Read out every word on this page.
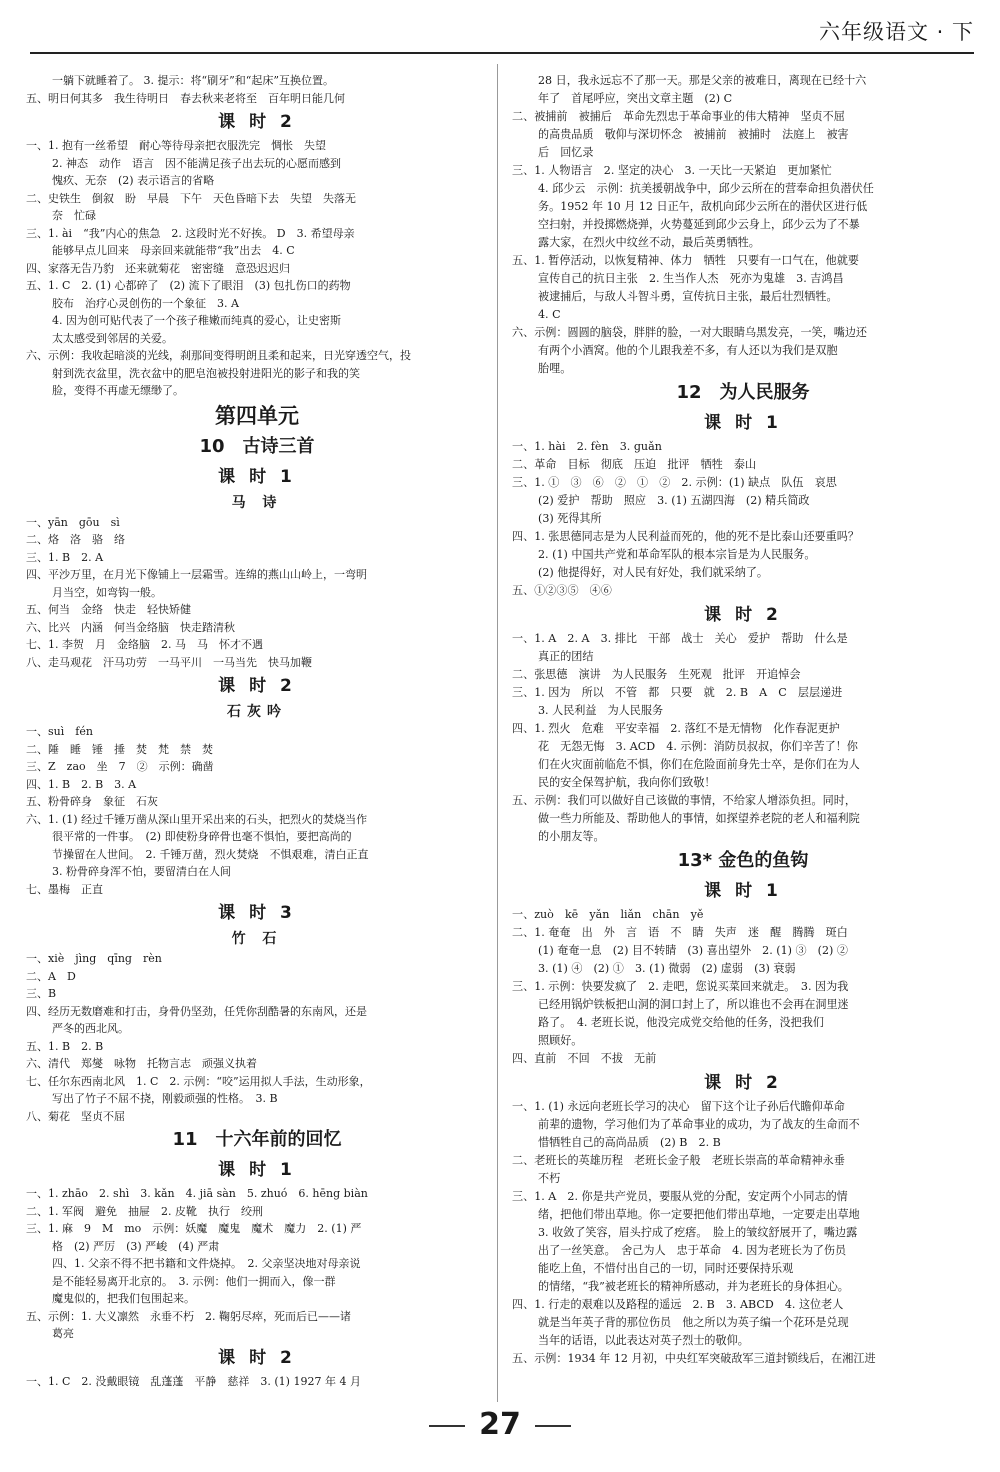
六年级语文 · 下
一躺下就睡着了。 3. 提示：将“刷牙”和“起床”互换位置。
五、明日何其多　我生待明日　春去秋来老将至　百年明日能几何
课 时 2
一、1. 抱有一丝希望　耐心等待母亲把衣服洗完　惆怅　失望
2. 神态　动作　语言　因不能满足孩子出去玩的心愿而感到
愧疚、无奈　(2) 表示语言的省略
二、史铁生　倒叙　盼　早晨　下午　天色昏暗下去　失望　失落无
奈　忙碌
三、1. ài　“我”内心的焦急　2. 这段时光不好挨。 D　3. 希望母亲
能够早点儿回来　母亲回来就能带“我”出去　4. C
四、家落无告乃豹　还来就菊花　密密缝　意恐迟迟归
五、1. C　2. (1) 心都碎了　(2) 流下了眼泪　(3) 包扎伤口的药物
胶布　治疗心灵创伤的一个象征　3. A
4. 因为创可贴代表了一个孩子稚嫩而纯真的爱心，让史密斯
太太感受到邻居的关爱。
六、示例：我收起暗淡的光线，刹那间变得明朗且柔和起来，日光穿透空气，投
射到洗衣盆里，洗衣盆中的肥皂泡被投射进阳光的影子和我的笑
脸，变得不再虚无缥缈了。
第四单元
10　古诗三首
课 时 1
马 诗
一、yān　gōu　sì
二、烙　洛　骆　络
三、1. B　2. A
四、平沙万里，在月光下像铺上一层霜雪。连绵的燕山山岭上，一弯明
月当空，如弯钩一般。
五、何当　金络　快走　轻快矫健
六、比兴　内涵　何当金络脑　快走踏清秋
七、1. 李贺　月　金络脑　2. 马　马　怀才不遇
八、走马观花　汗马功劳　一马平川　一马当先　快马加鞭
课 时 2
石灰吟
一、suì　fén
二、陲　睡　锤　捶　焚　梵　禁　焚
三、Z　zao　坐　7　②　示例：确凿
四、1. B　2. B　3. A
五、粉骨碎身　象征　石灰
六、1. (1) 经过千锤万凿从深山里开采出来的石头，把烈火的焚烧当作
很平常的一件事。　(2) 即使粉身碎骨也毫不惧怕，要把高尚的
节操留在人世间。　2. 千锤万凿，烈火焚烧　不惧艰难，清白正直
3. 粉骨碎身浑不怕，要留清白在人间
七、墨梅　正直
课 时 3
竹 石
一、xiè　jìng　qīng　rèn
二、A　D
三、B
四、经历无数磨难和打击，身骨仍坚劲，任凭你刮酷暑的东南风，还是
严冬的西北风。
五、1. B　2. B
六、清代　郑燮　咏物　托物言志　顽强义执着
七、任尔东西南北风　1. C　2. 示例：“咬”运用拟人手法，生动形象，
写出了竹子不屈不挠，刚毅顽强的性格。　3. B
八、菊花　坚贞不屈
11　十六年前的回忆
课 时 1
一、1. zhāo　2. shì　3. kǎn　4. jiā sàn　5. zhuó　6. hēng biàn
二、1. 军阀　避免　抽屉　2. 皮靴　执行　绞刑
三、1. 麻　9　M　mo　示例：妖魔　魔鬼　魔术　魔力　2. (1) 严
格　(2) 严厉　(3) 严峻　(4) 严肃
四、1. 父亲不得不把书籍和文件烧掉。　2. 父亲坚决地对母亲说
是不能轻易离开北京的。　3. 示例：他们一拥而入，像一群
魔鬼似的，把我们包围起来。
五、示例：1. 大义凛然　永垂不朽　2. 鞠躬尽瘁，死而后已——诸
葛亮
课 时 2
一、1. C　2. 没戴眼镜　乱蓬蓬　平静　慈祥　3. (1) 1927 年 4 月
28 日，我永远忘不了那一天。那是父亲的被难日，离现在已经十六
年了　首尾呼应，突出文章主题　(2) C
二、被捕前　被捕后　革命先烈忠于革命事业的伟大精神　坚贞不屈
的高贵品质　敬仰与深切怀念　被捕前　被捕时　法庭上　被害
后　回忆录
三、1. 人物语言　2. 坚定的决心　3. 一天比一天紧迫　更加紧忙
4. 邱少云　示例：抗美援朝战争中，邱少云所在的营奉命担负潜伏任
务。1952 年 10 月 12 日正午，敌机向邱少云所在的潜伏区进行低
空扫射，并投掷燃烧弹，火势蔓延到邱少云身上，邱少云为了不暴
露大家，在烈火中纹丝不动，最后英勇牺牲。
五、1. 暂停活动，以恢复精神、体力　牺牲　只要有一口气在，他就要
宣传自己的抗日主张　2. 生当作人杰　死亦为鬼雄　3. 吉鸿昌
被逮捕后，与敌人斗智斗勇，宣传抗日主张，最后壮烈牺牲。
4. C
六、示例：圆圆的脑袋，胖胖的脸，一对大眼睛乌黑发亮，一笑，嘴边还
有两个小酒窝。他的个儿跟我差不多，有人还以为我们是双胞
胎哩。
12　为人民服务
课 时 1
一、1. hài　2. fèn　3. guǎn
二、革命　目标　彻底　压迫　批评　牺牲　泰山
三、1. ①　③　⑥　②　①　②　2. 示例：(1) 缺点　队伍　哀思
(2) 爱护　帮助　照应　3. (1) 五湖四海　(2) 精兵简政
(3) 死得其所
四、1. 张思德同志是为人民利益而死的，他的死不是比泰山还要重吗？
2. (1) 中国共产党和革命军队的根本宗旨是为人民服务。
(2) 他提得好，对人民有好处，我们就采纳了。
五、①②③⑤　④⑥
课 时 2
一、1. A　2. A　3. 排比　干部　战士　关心　爱护　帮助　什么是
真正的团结
二、张思德　演讲　为人民服务　生死观　批评　开追悼会
三、1. 因为　所以　不管　都　只要　就　2. B　A　C　层层递进
3. 人民利益　为人民服务
四、1. 烈火　危难　平安幸福　2. 落红不是无情物　化作春泥更护
花　无怨无悔　3. ACD　4. 示例：消防员叔叔，你们辛苦了！你
们在火灾面前临危不惧，你们在危险面前身先士卒，是你们在为人
民的安全保驾护航，我向你们致敬！
五、示例：我们可以做好自己该做的事情，不给家人增添负担。同时，
做一些力所能及、帮助他人的事情，如探望养老院的老人和福利院
的小朋友等。
13* 金色的鱼钩
课 时 1
一、zuò　kē　yǎn　liǎn　chān　yě
二、1. 奄奄　出　外　言　语　不　睛　失声　迷　醒　腾腾　斑白
(1) 奄奄一息　(2) 目不转睛　(3) 喜出望外　2. (1) ③　(2) ②
3. (1) ④　(2) ①　3. (1) 微弱　(2) 虚弱　(3) 衰弱
三、1. 示例：快要发疯了　2. 走吧，您说买菜回来就走。　3. 因为我
已经用锅炉铁板把山洞的洞口封上了，所以谁也不会再在洞里迷
路了。　4. 老班长说，他没完成党交给他的任务，没把我们
照顾好。
四、直前　不回　不拔　无前
课 时 2
一、1. (1) 永远向老班长学习的决心　留下这个让子孙后代瞻仰革命
前辈的遗物，学习他们为了革命事业的成功，为了战友的生命而不
惜牺牲自己的高尚品质　(2) B　2. B
二、老班长的英雄历程　老班长金子般　老班长崇高的革命精神永垂
不朽
三、1. A　2. 你是共产党员，要服从党的分配，安定两个小同志的情
绪，把他们带出草地。你一定要把他们带出草地，一定要走出草地
3. 收敛了笑容，眉头拧成了疙瘩。　脸上的皱纹舒展开了，嘴边露
出了一丝笑意。　舍己为人　忠于革命　4. 因为老班长为了伤员
能吃上鱼，不惜付出自己的一切，同时还要保持乐观
的情绪，“我”被老班长的精神所感动，并为老班长的身体担心。
四、1. 行走的艰难以及路程的遥远　2. B　3. ABCD　4. 这位老人
就是当年英子背的那位伤员　他之所以为英子编一个花环是兑现
当年的话语，以此表达对英子烈士的敬仰。
五、示例：1934 年 12 月初，中央红军突破敌军三道封锁线后，在湘江进
27
